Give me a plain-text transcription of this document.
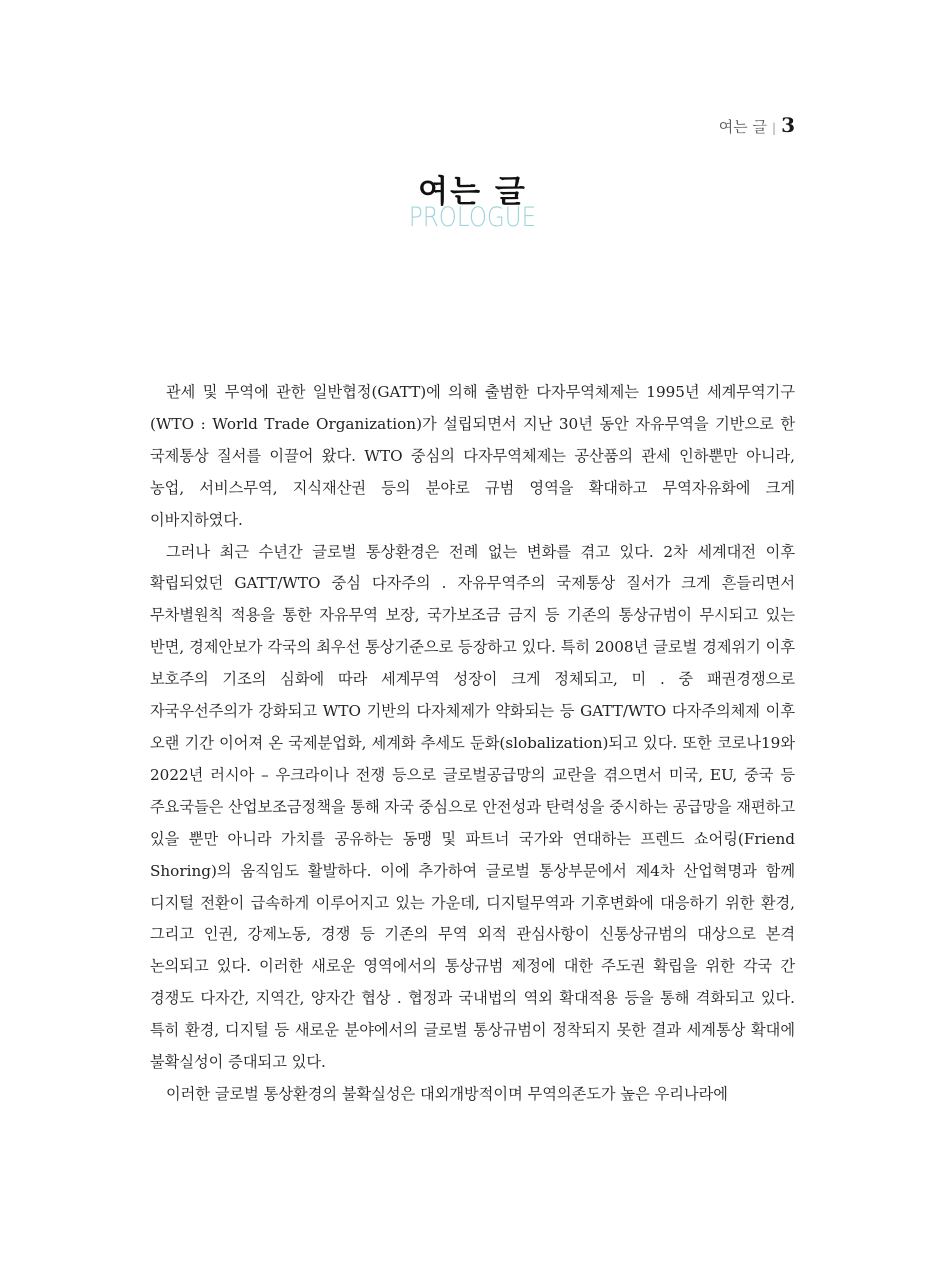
여는 글 | 3
여는 글
PROLOGUE

관세 및 무역에 관한 일반협정(GATT)에 의해 출범한 다자무역체제는 1995년 세계무역기구(WTO : World Trade Organization)가 설립되면서 지난 30년 동안 자유무역을 기반으로 한 국제통상 질서를 이끌어 왔다. WTO 중심의 다자무역체제는 공산품의 관세 인하뿐만 아니라, 농업, 서비스무역, 지식재산권 등의 분야로 규범 영역을 확대하고 무역자유화에 크게 이바지하였다.

그러나 최근 수년간 글로벌 통상환경은 전례 없는 변화를 겪고 있다. 2차 세계대전 이후 확립되었던 GATT/WTO 중심 다자주의 . 자유무역주의 국제통상 질서가 크게 흔들리면서 무차별원칙 적용을 통한 자유무역 보장, 국가보조금 금지 등 기존의 통상규범이 무시되고 있는 반면, 경제안보가 각국의 최우선 통상기준으로 등장하고 있다. 특히 2008년 글로벌 경제위기 이후 보호주의 기조의 심화에 따라 세계무역 성장이 크게 정체되고, 미 . 중 패권경쟁으로 자국우선주의가 강화되고 WTO 기반의 다자체제가 약화되는 등 GATT/WTO 다자주의체제 이후 오랜 기간 이어져 온 국제분업화, 세계화 추세도 둔화(slobalization)되고 있다. 또한 코로나19와 2022년 러시아 – 우크라이나 전쟁 등으로 글로벌공급망의 교란을 겪으면서 미국, EU, 중국 등 주요국들은 산업보조금정책을 통해 자국 중심으로 안전성과 탄력성을 중시하는 공급망을 재편하고 있을 뿐만 아니라 가치를 공유하는 동맹 및 파트너 국가와 연대하는 프렌드 쇼어링(Friend Shoring)의 움직임도 활발하다. 이에 추가하여 글로벌 통상부문에서 제4차 산업혁명과 함께 디지털 전환이 급속하게 이루어지고 있는 가운데, 디지털무역과 기후변화에 대응하기 위한 환경, 그리고 인권, 강제노동, 경쟁 등 기존의 무역 외적 관심사항이 신통상규범의 대상으로 본격 논의되고 있다. 이러한 새로운 영역에서의 통상규범 제정에 대한 주도권 확립을 위한 각국 간 경쟁도 다자간, 지역간, 양자간 협상 . 협정과 국내법의 역외 확대적용 등을 통해 격화되고 있다. 특히 환경, 디지털 등 새로운 분야에서의 글로벌 통상규범이 정착되지 못한 결과 세계통상 확대에 불확실성이 증대되고 있다.

이러한 글로벌 통상환경의 불확실성은 대외개방적이며 무역의존도가 높은 우리나라에
